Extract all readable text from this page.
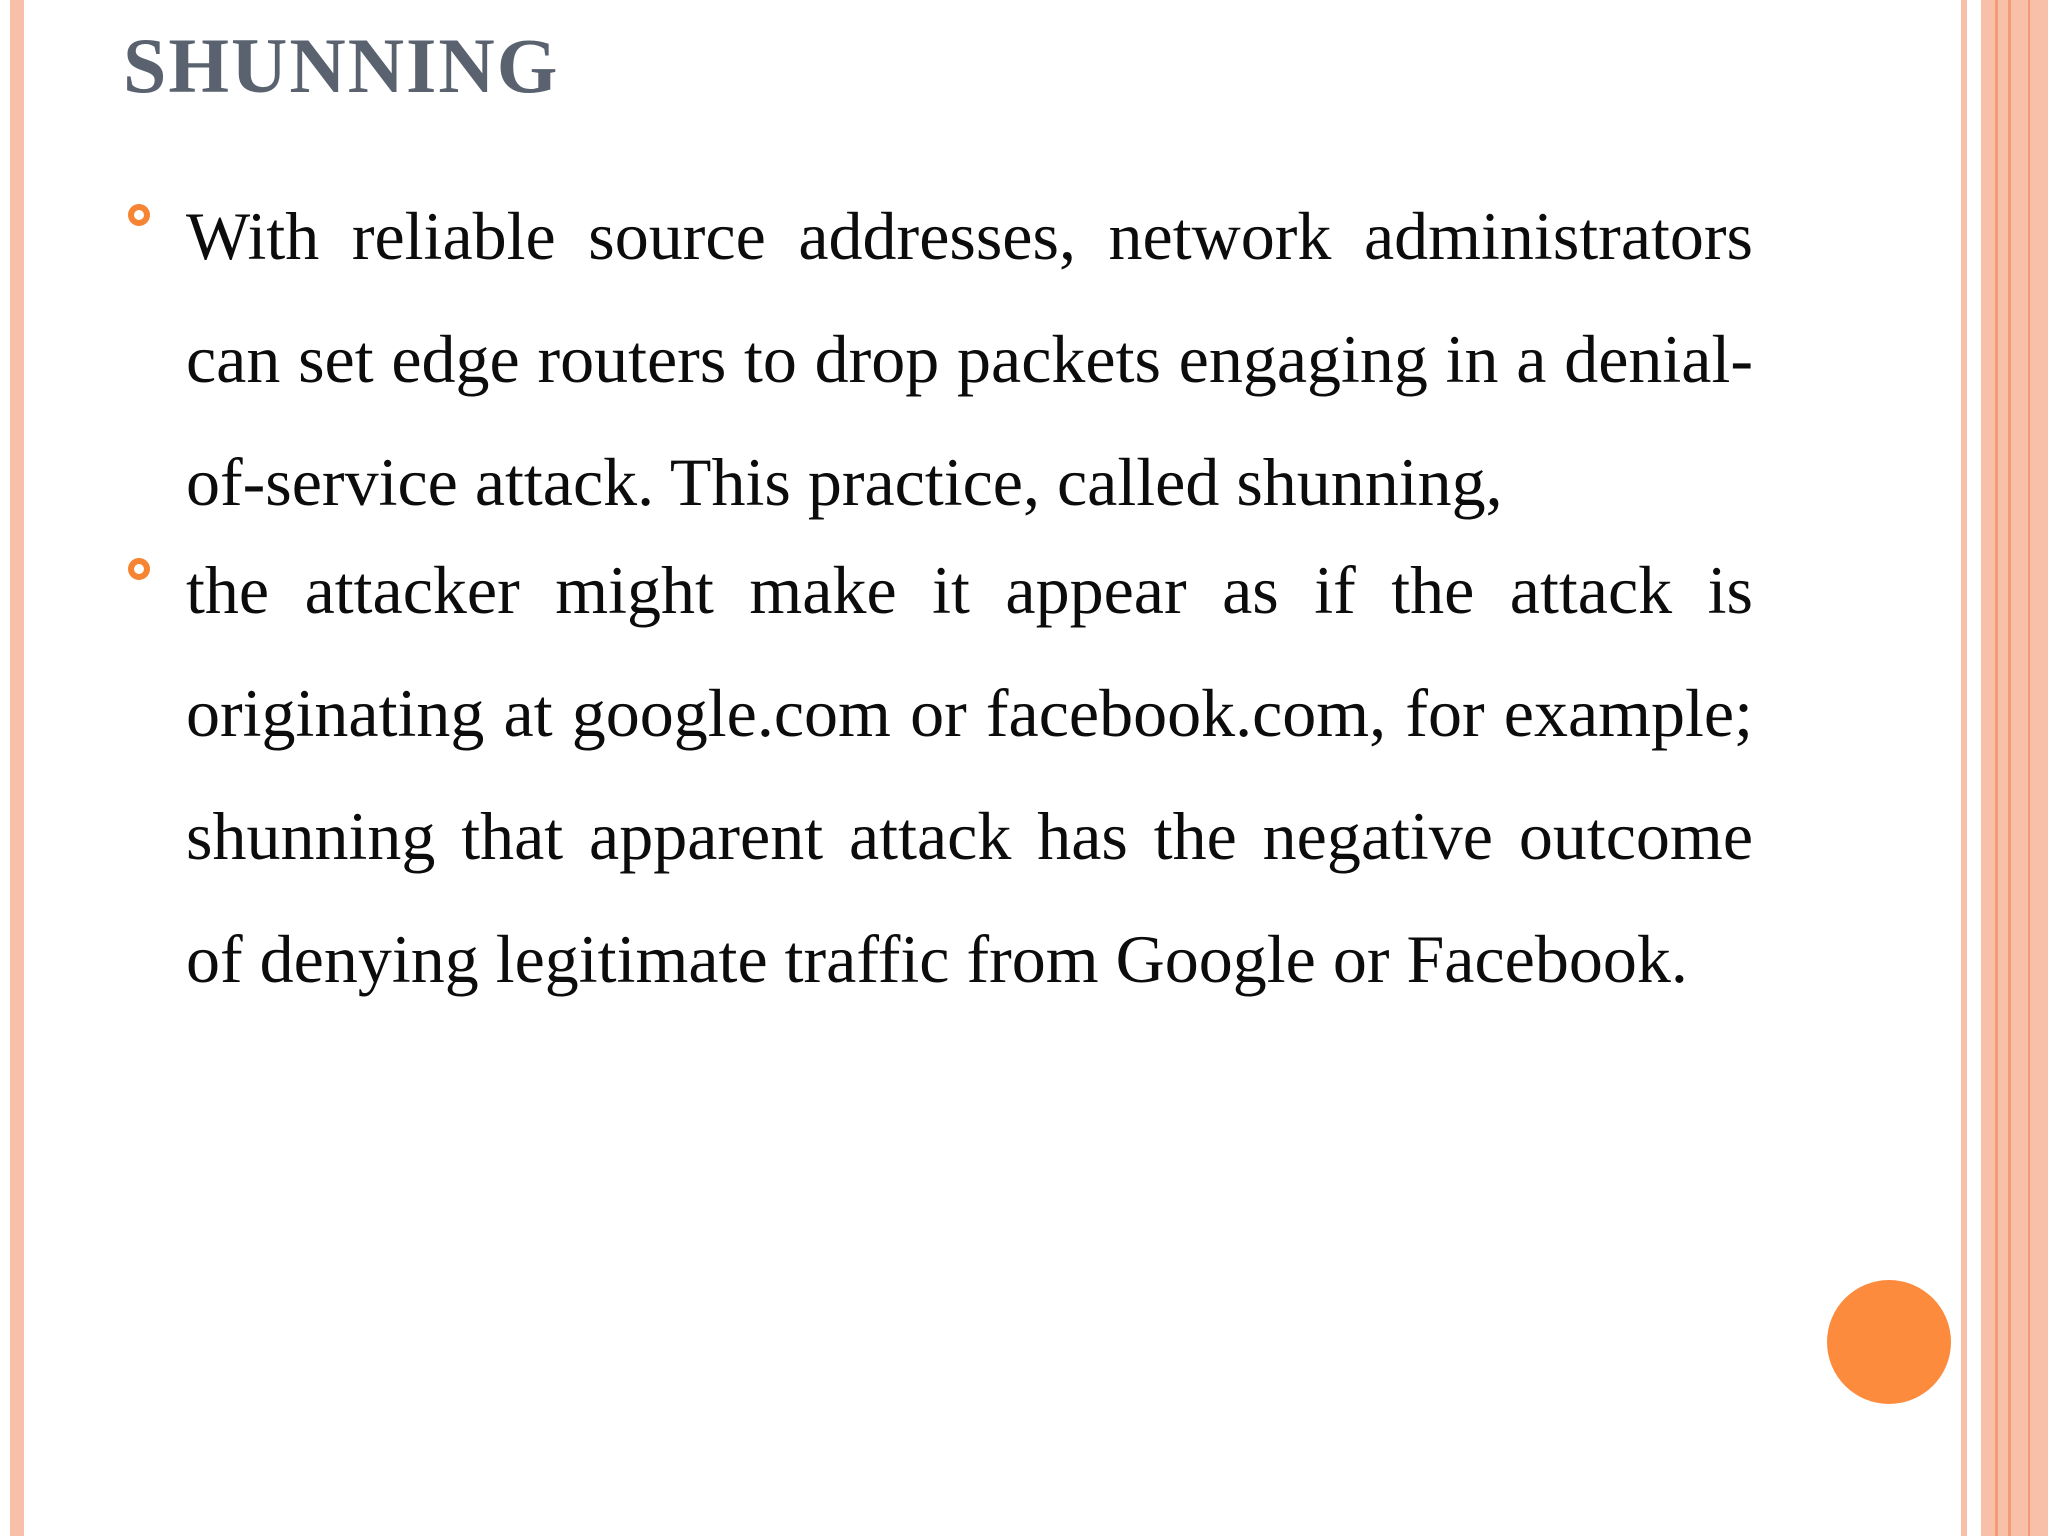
SHUNNING
With reliable source addresses, network administrators can set edge routers to drop packets engaging in a denial-of-service attack. This practice, called shunning,
the attacker might make it appear as if the attack is originating at google.com or facebook.com, for example; shunning that apparent attack has the negative outcome of denying legitimate traffic from Google or Facebook.
